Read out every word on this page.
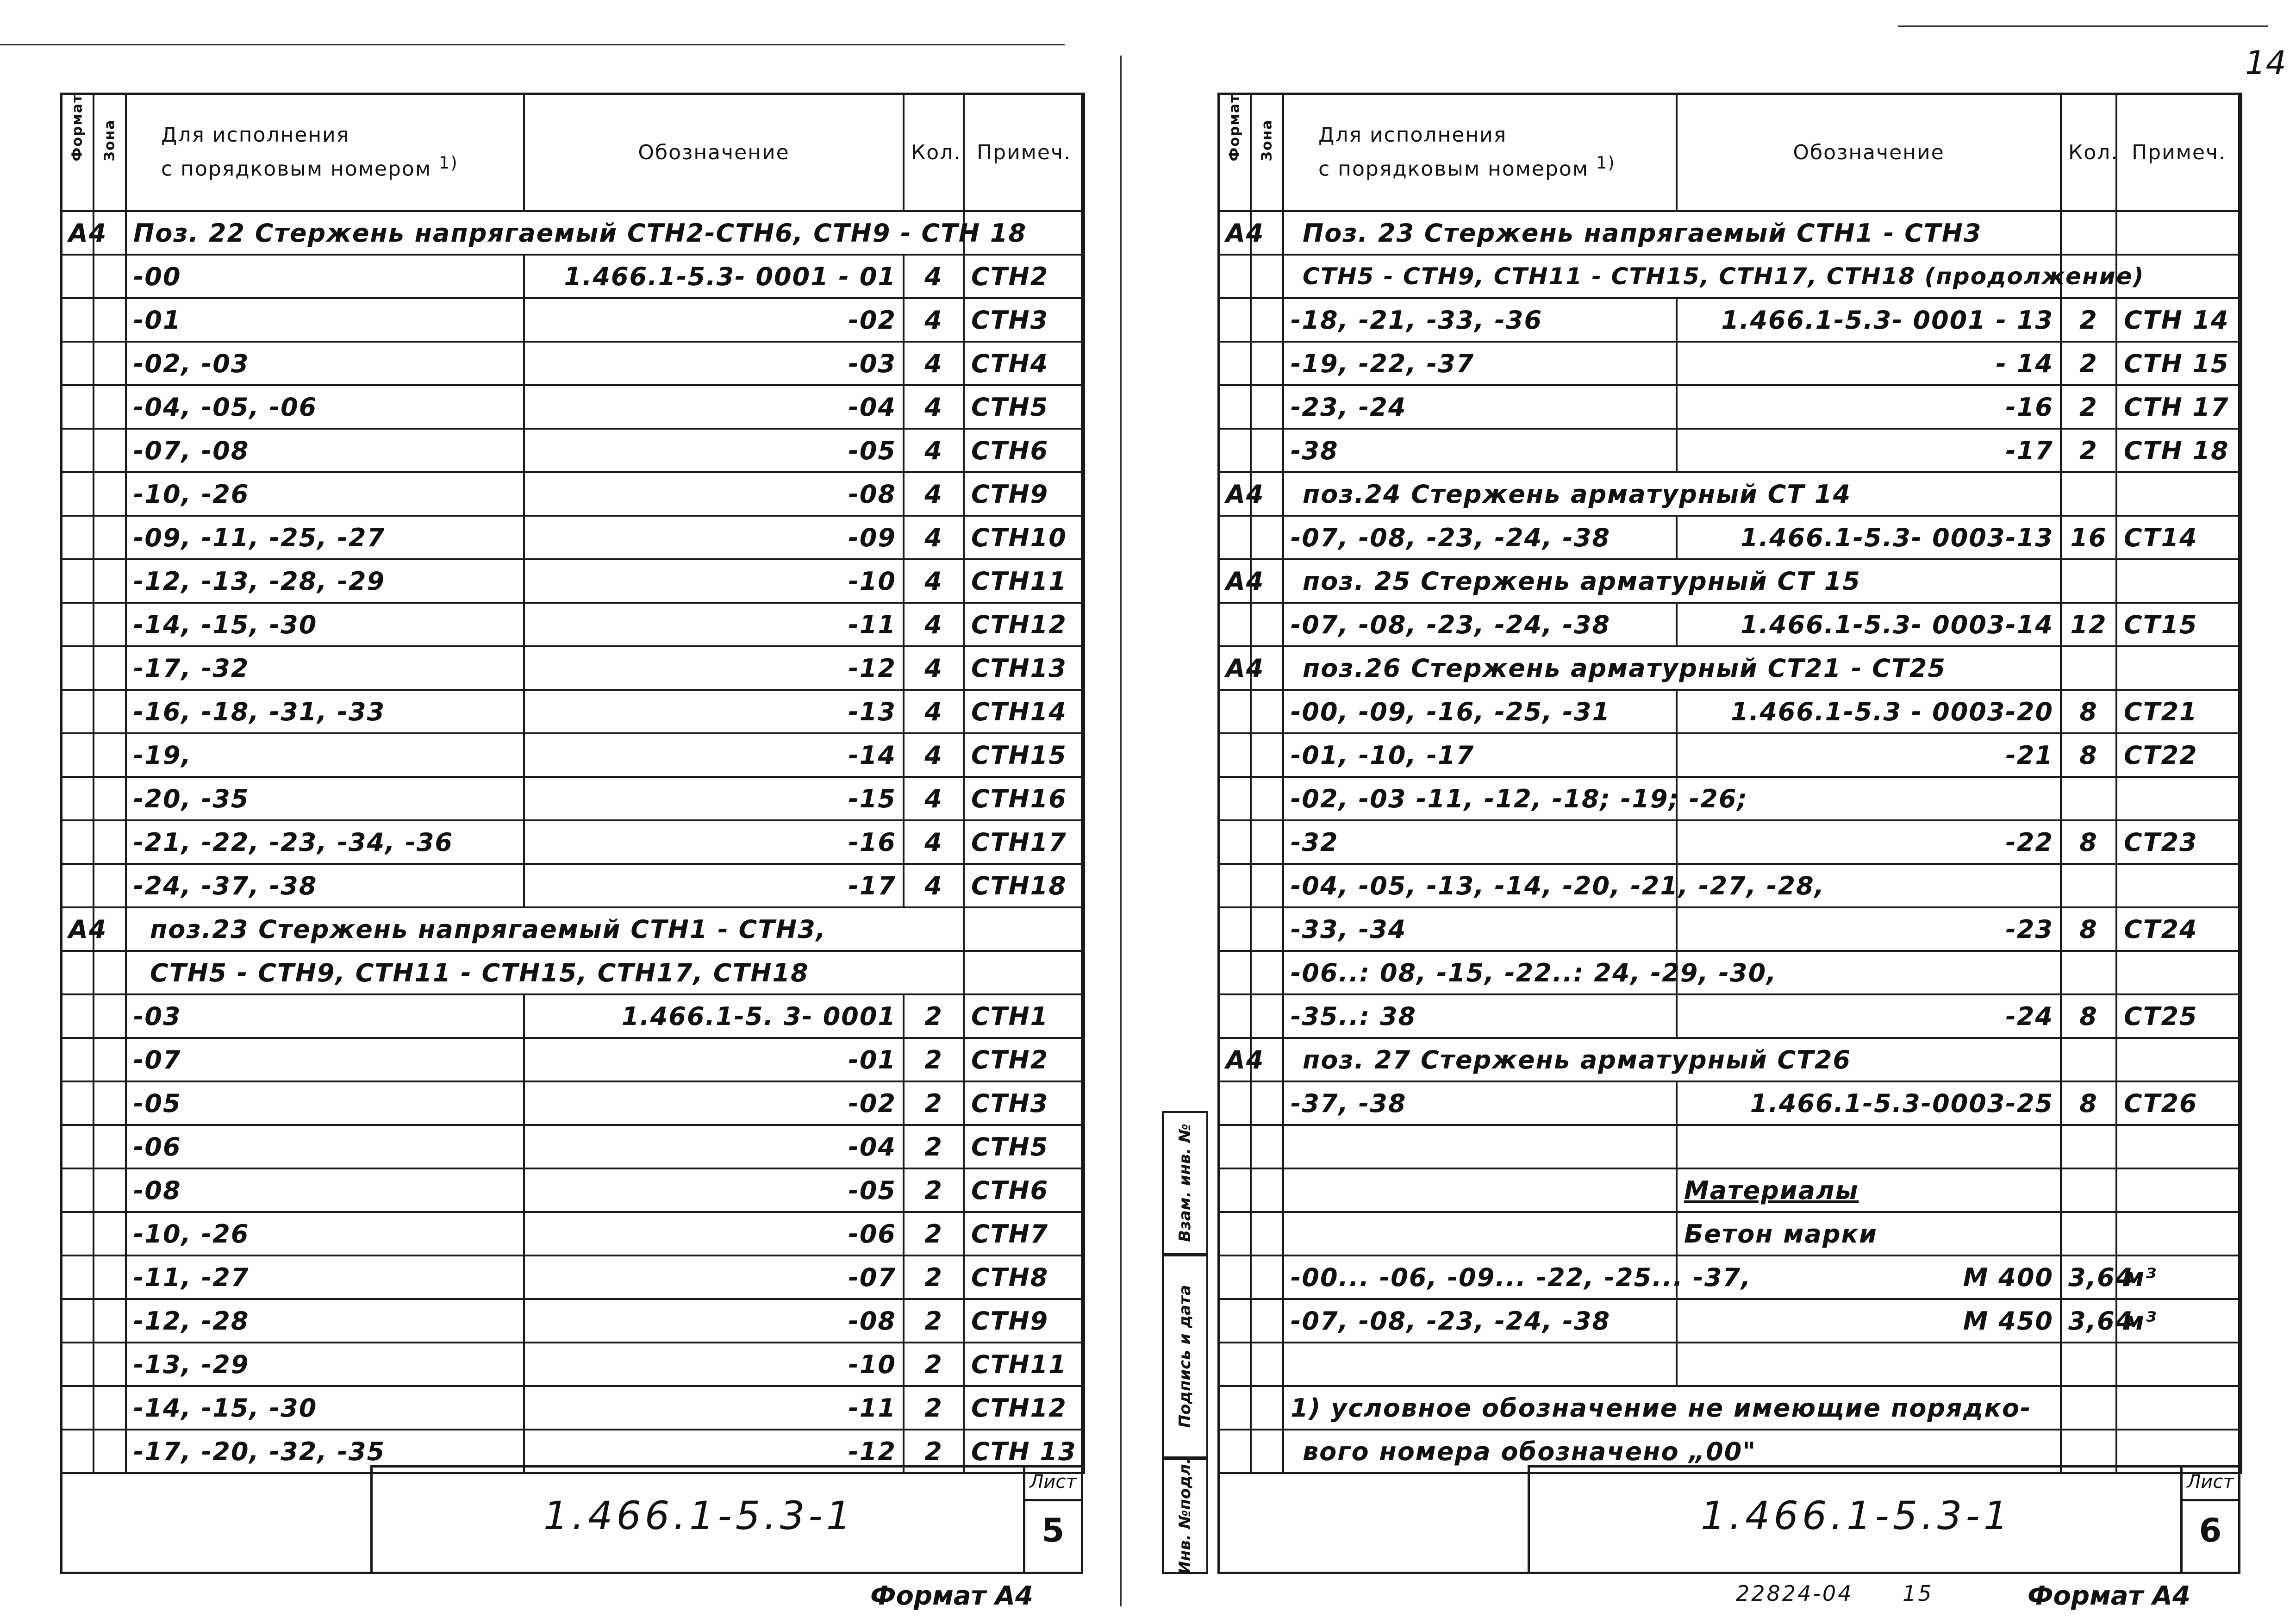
Формат	Зона	Для исполнения
с порядковым номером $^{1)}$	Обозначение	Кол.	Примеч.
А4		Поз. 22 Стержень напрягаемый СТН2-СТН6, СТН9 - СТН 18			
		-00	1.466.1-5.3- 0001 - 01	4	СТН2
		-01	-02	4	СТН3
		-02, -03	-03	4	СТН4
		-04, -05, -06	-04	4	СТН5
		-07, -08	-05	4	СТН6
		-10, -26	-08	4	СТН9
		-09, -11, -25, -27	-09	4	СТН10
		-12, -13, -28, -29	-10	4	СТН11
		-14, -15, -30	-11	4	СТН12
		-17, -32	-12	4	СТН13
		-16, -18, -31, -33	-13	4	СТН14
		-19,	-14	4	СТН15
		-20, -35	-15	4	СТН16
		-21, -22, -23, -34, -36	-16	4	СТН17
		-24, -37, -38	-17	4	СТН18
А4		поз.23 Стержень напрягаемый СТН1 - СТН3,			
		СТН5 - СТН9, СТН11 - СТН15, СТН17, СТН18			
		-03	1.466.1-5. 3- 0001	2	СТН1
		-07	-01	2	СТН2
		-05	-02	2	СТН3
		-06	-04	2	СТН5
		-08	-05	2	СТН6
		-10, -26	-06	2	СТН7
		-11, -27	-07	2	СТН8
		-12, -28	-08	2	СТН9
		-13, -29	-10	2	СТН11
		-14, -15, -30	-11	2	СТН12
		-17, -20, -32, -35	-12	2	СТН 13
1.466.1-5.3-1
Лист
5
Формат А4
14
Формат	Зона	Для исполнения
с порядковым номером $^{1)}$	Обозначение	Кол.	Примеч.
А4		Поз. 23 Стержень напрягаемый СТН1 - СТН3			
		СТН5 - СТН9, СТН11 - СТН15, СТН17, СТН18 (продолжение)			
		-18, -21, -33, -36	1.466.1-5.3- 0001 - 13	2	СТН 14
		-19, -22, -37	- 14	2	СТН 15
		-23, -24	-16	2	СТН 17
		-38	-17	2	СТН 18
А4		поз.24 Стержень арматурный СТ 14			
		-07, -08, -23, -24, -38	1.466.1-5.3- 0003-13	16	СТ14
А4		поз. 25 Стержень арматурный СТ 15			
		-07, -08, -23, -24, -38	1.466.1-5.3- 0003-14	12	СТ15
А4		поз.26 Стержень арматурный СТ21 - СТ25			
		-00, -09, -16, -25, -31	1.466.1-5.3 - 0003-20	8	СТ21
		-01, -10, -17	-21	8	СТ22
		-02, -03 -11, -12, -18; -19; -26;			
		-32	-22	8	СТ23
		-04, -05, -13, -14, -20, -21, -27, -28,			
		-33, -34	-23	8	СТ24
		-06..: 08, -15, -22..: 24, -29, -30,			
		-35..: 38	-24	8	СТ25
А4		поз. 27 Стержень арматурный СТ26			
		-37, -38	1.466.1-5.3-0003-25	8	СТ26

			Материалы		
			Бетон марки		
		-00... -06, -09... -22, -25... -37,	М 400	3,64	м³
		-07, -08, -23, -24, -38	М 450	3,64	м³

		1) условное обозначение не имеющие порядко-			
		вого номера обозначено „00"			
1.466.1-5.3-1
Лист
6
22824-04 15	Формат А4
Взам. инв. №
Подпись и дата
Инв. №подл.
